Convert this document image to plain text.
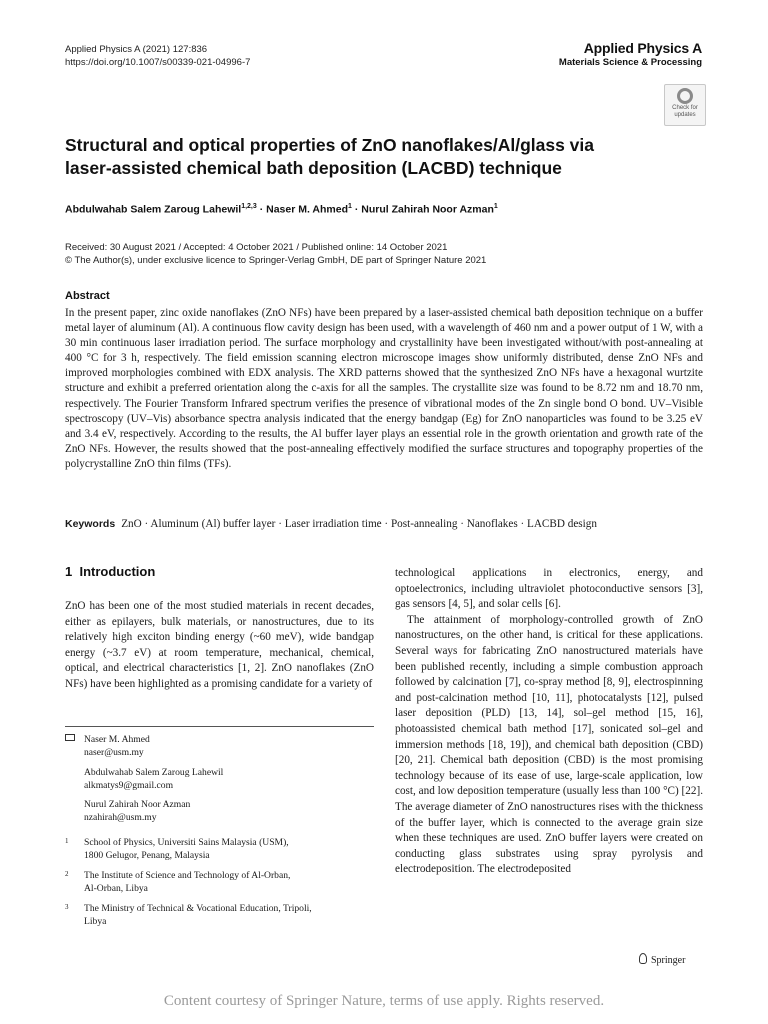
Applied Physics A (2021) 127:836
https://doi.org/10.1007/s00339-021-04996-7
Applied Physics A
Materials Science & Processing
Check for
updates
Structural and optical properties of ZnO nanoflakes/Al/glass via laser-assisted chemical bath deposition (LACBD) technique
Abdulwahab Salem Zaroug Lahewil$^{1,2,3}$ · Naser M. Ahmed$^1$ · Nurul Zahirah Noor Azman$^1$
Received: 30 August 2021 / Accepted: 4 October 2021 / Published online: 14 October 2021
© The Author(s), under exclusive licence to Springer-Verlag GmbH, DE part of Springer Nature 2021
Abstract
In the present paper, zinc oxide nanoflakes (ZnO NFs) have been prepared by a laser-assisted chemical bath deposition technique on a buffer metal layer of aluminum (Al). A continuous flow cavity design has been used, with a wavelength of 460 nm and a power output of 1 W, with a 30 min continuous laser irradiation period. The surface morphology and crystallinity have been investigated without/with post-annealing at 400 °C for 3 h, respectively. The field emission scanning electron microscope images show uniformly distributed, dense ZnO NFs and improved morphologies combined with EDX analysis. The XRD patterns showed that the synthesized ZnO NFs have a hexagonal wurtzite structure and exhibit a preferred orientation along the c-axis for all the samples. The crystallite size was found to be 8.72 nm and 18.70 nm, respectively. The Fourier Transform Infrared spectrum verifies the presence of vibrational modes of the Zn single bond O bond. UV–Visible spectroscopy (UV–Vis) absorbance spectra analysis indicated that the energy bandgap (Eg) for ZnO nanoparticles was found to be 3.25 eV and 3.4 eV, respectively. According to the results, the Al buffer layer plays an essential role in the growth orientation and growth rate of the ZnO NFs. However, the results showed that the post-annealing effectively modified the surface structures and topography properties of the polycrystalline ZnO thin films (TFs).
Keywords ZnO · Aluminum (Al) buffer layer · Laser irradiation time · Post-annealing · Nanoflakes · LACBD design
1  Introduction

ZnO has been one of the most studied materials in recent decades, either as epilayers, bulk materials, or nanostructures, due to its relatively high exciton binding energy (~60 meV), wide bandgap energy (~3.7 eV) at room temperature, mechanical, chemical, optical, and electrical characteristics [1, 2]. ZnO nanoflakes (ZnO NFs) have been highlighted as a promising candidate for a variety of

technological applications in electronics, energy, and optoelectronics, including ultraviolet photoconductive sensors [3], gas sensors [4, 5], and solar cells [6].

The attainment of morphology-controlled growth of ZnO nanostructures, on the other hand, is critical for these applications. Several ways for fabricating ZnO nanostructured materials have been published recently, including a simple combustion approach followed by calcination [7], co-spray method [8, 9], electrospinning and post-calcination method [10, 11], photocatalysts [12], pulsed laser deposition (PLD) [13, 14], sol–gel method [15, 16], photoassisted chemical bath method [17], sonicated sol–gel and immersion methods [18, 19]), and chemical bath deposition (CBD) [20, 21]. Chemical bath deposition (CBD) is the most promising technology because of its ease of use, large-scale application, low cost, and low deposition temperature (usually less than 100 °C) [22]. The average diameter of ZnO nanostructures rises with the thickness of the buffer layer, which is connected to the average grain size when these techniques are used. ZnO buffer layers were created on conducting glass substrates using spray pyrolysis and electrodeposition. The electrodeposited

Naser M. Ahmed
naser@usm.my
Abdulwahab Salem Zaroug Lahewil
alkmatys9@gmail.com
Nurul Zahirah Noor Azman
nzahirah@usm.my
1 School of Physics, Universiti Sains Malaysia (USM),
1800 Gelugor, Penang, Malaysia
2 The Institute of Science and Technology of Al-Orban,
Al-Orban, Libya
3 The Ministry of Technical & Vocational Education, Tripoli,
Libya
Springer
Content courtesy of Springer Nature, terms of use apply. Rights reserved.
